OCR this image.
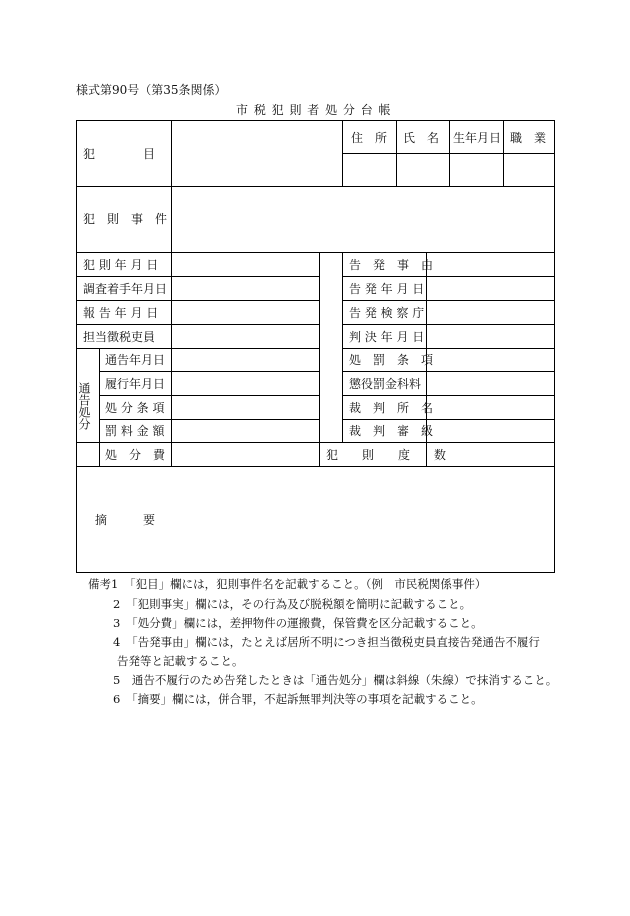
様式第90号（第35条関係）
市 税 犯 則 者 処 分 台 帳
住　所 氏　名 生年月日 職　業
犯　　　　目
犯　則　事　件
犯 則 年 月 日
調査着手年月日
報 告 年 月 日
担当徴税吏員
通告処分
通告年月日
履行年月日
処 分 条 項
罰 料 金 額
処　分　費
告　発　事　由
告 発 年 月 日
告 発 検 察 庁
判 決 年 月 日
処　罰　条　項
懲役罰金科料
裁　判　所　名
裁　判　審　級
犯　　則　　度　　数
摘　　　要
備考1　「犯目」欄には，犯則事件名を記載すること。（例　市民税関係事件）
2　「犯則事実」欄には，その行為及び脱税額を簡明に記載すること。
3　「処分費」欄には，差押物件の運搬費，保管費を区分記載すること。
4　「告発事由」欄には，たとえば居所不明につき担当徴税吏員直接告発通告不履行
告発等と記載すること。
5　通告不履行のため告発したときは「通告処分」欄は斜線（朱線）で抹消すること。
6　「摘要」欄には，併合罪，不起訴無罪判決等の事項を記載すること。
